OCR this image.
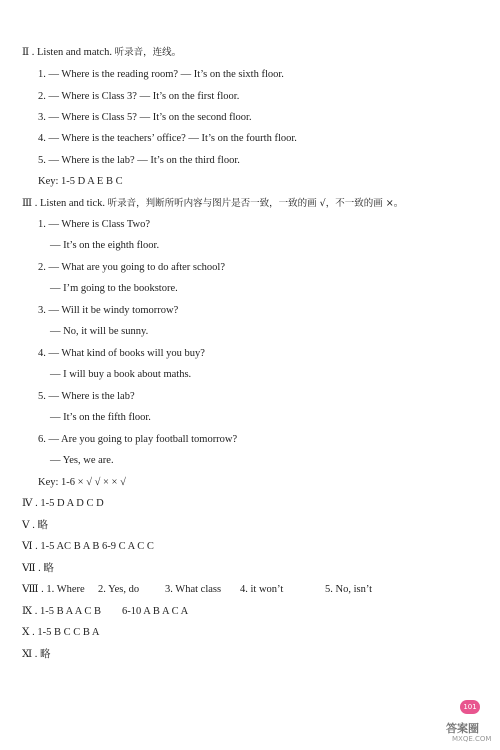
Ⅱ . Listen and match. 听录音，连线。
1. — Where is the reading room? — It’s on the sixth floor.
2. — Where is Class 3? — It’s on the first floor.
3. — Where is Class 5? — It’s on the second floor.
4. — Where is the teachers’ office? — It’s on the fourth floor.
5. — Where is the lab? — It’s on the third floor.
Key: 1-5 D A E B C
Ⅲ . Listen and tick. 听录音，判断所听内容与图片是否一致，一致的画 √，不一致的画 ×。
1. — Where is Class Two?
— It’s on the eighth floor.
2. — What are you going to do after school?
— I’m going to the bookstore.
3. — Will it be windy tomorrow?
— No, it will be sunny.
4. — What kind of books will you buy?
— I will buy a book about maths.
5. — Where is the lab?
— It’s on the fifth floor.
6. — Are you going to play football tomorrow?
— Yes, we are.
Key: 1-6 × √ √ × × √
Ⅳ . 1-5 D A D C D
Ⅴ . 略
Ⅵ . 1-5 AC B A B 6-9 C A C C
Ⅶ . 略
Ⅷ . 1. Where 2. Yes, do 3. What class 4. it won’t	5. No, isn’t
Ⅸ . 1-5 B A A C B        6-10 A B A C A
Ⅹ . 1-5 B C C B A
Ⅺ . 略
101
答案圈
MXQE.COM
